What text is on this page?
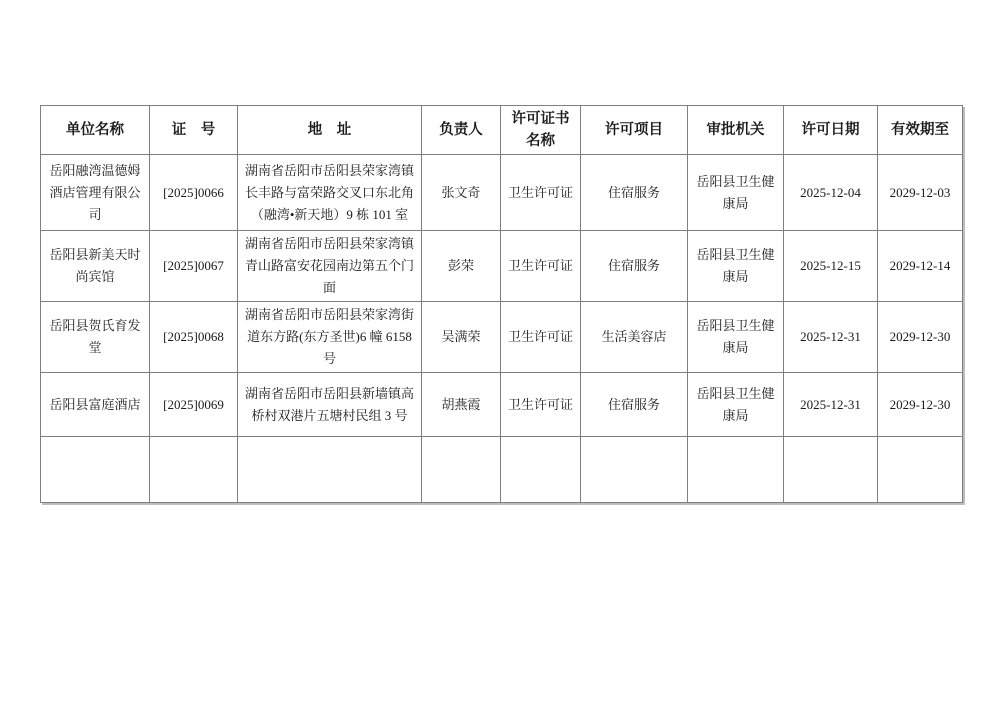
单位名称	证　号	地　址	负责人	许可证书名称	许可项目	审批机关	许可日期	有效期至
岳阳融湾温德姆酒店管理有限公司	[2025]0066	湖南省岳阳市岳阳县荣家湾镇长丰路与富荣路交叉口东北角（融湾•新天地）9 栋 101 室	张文奇	卫生许可证	住宿服务	岳阳县卫生健康局	2025-12-04	2029-12-03
岳阳县新美天时尚宾馆	[2025]0067	湖南省岳阳市岳阳县荣家湾镇青山路富安花园南边第五个门面	彭荣	卫生许可证	住宿服务	岳阳县卫生健康局	2025-12-15	2029-12-14
岳阳县贺氏育发堂	[2025]0068	湖南省岳阳市岳阳县荣家湾街道东方路(东方圣世)6 幢 6158 号	吴满荣	卫生许可证	生活美容店	岳阳县卫生健康局	2025-12-31	2029-12-30
岳阳县富庭酒店	[2025]0069	湖南省岳阳市岳阳县新墙镇高桥村双港片五塘村民组 3 号	胡燕霞	卫生许可证	住宿服务	岳阳县卫生健康局	2025-12-31	2029-12-30
